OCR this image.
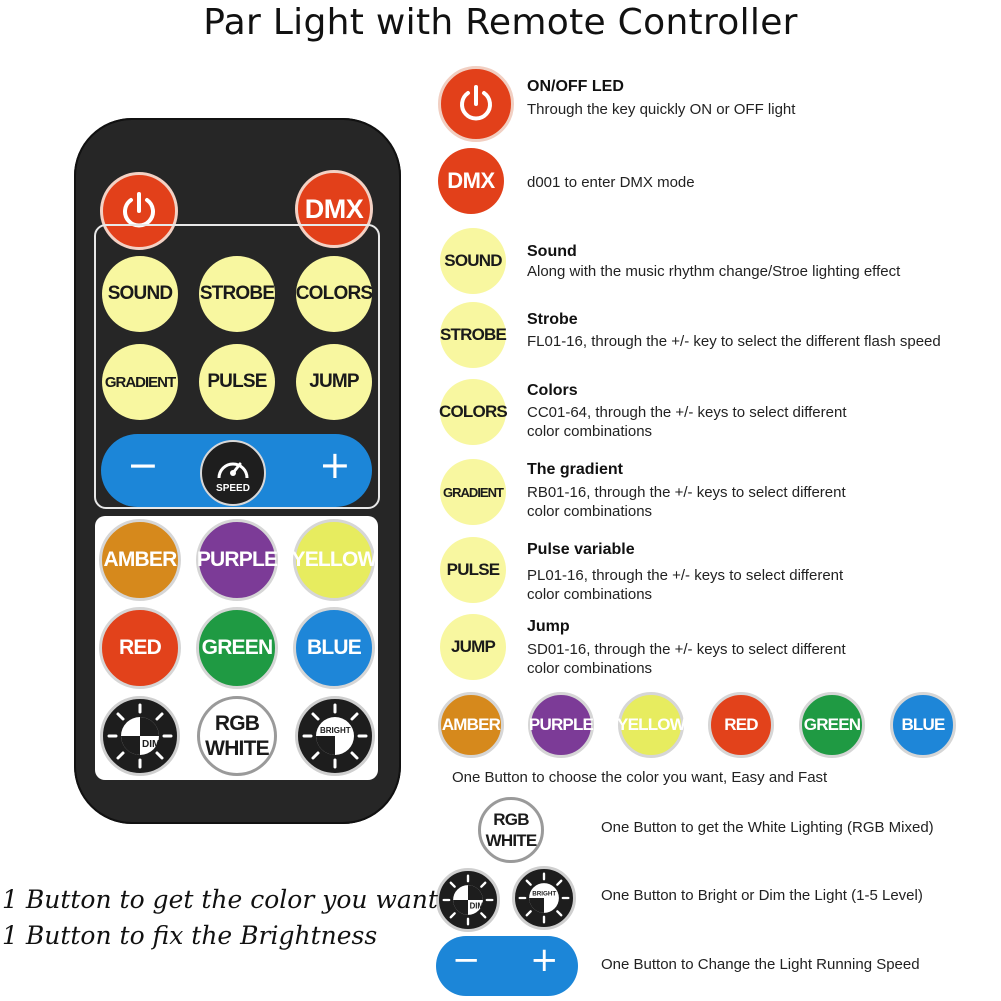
Par Light with Remote Controller
DMX
SOUND STROBE COLORS
GRADIENT	PULSE	JUMP
−	+
SPEED
AMBER PURPLE YELLOW
RED	GREEN	BLUE
DIM
RGB
WHITE
BRIGHT
ON/OFF LED
Through the key quickly ON or OFF light
DMX	d001 to enter DMX mode
SOUND Sound
Along with the music rhythm change/Stroe lighting effect
STROBE
Strobe
FL01-16, through the +/- key to select the different flash speed
COLORS
Colors
CC01-64, through the +/- keys to select different
color combinations
GRADIENT
The gradient
RB01-16, through the +/- keys to select different
color combinations
PULSE
Pulse variable
PL01-16, through the +/- keys to select different
color combinations
JUMP
Jump
SD01-16, through the +/- keys to select different
color combinations
AMBER PURPLE YELLOW	RED	GREEN	BLUE
One Button to choose the color you want, Easy and Fast
RGB
WHITE
One Button to get the White Lighting (RGB Mixed)
DIM
BRIGHT	One Button to Bright or Dim the Light (1-5 Level)
− +	One Button to Change the Light Running Speed
1 Button to get the color you want
1 Button to fix the Brightness
